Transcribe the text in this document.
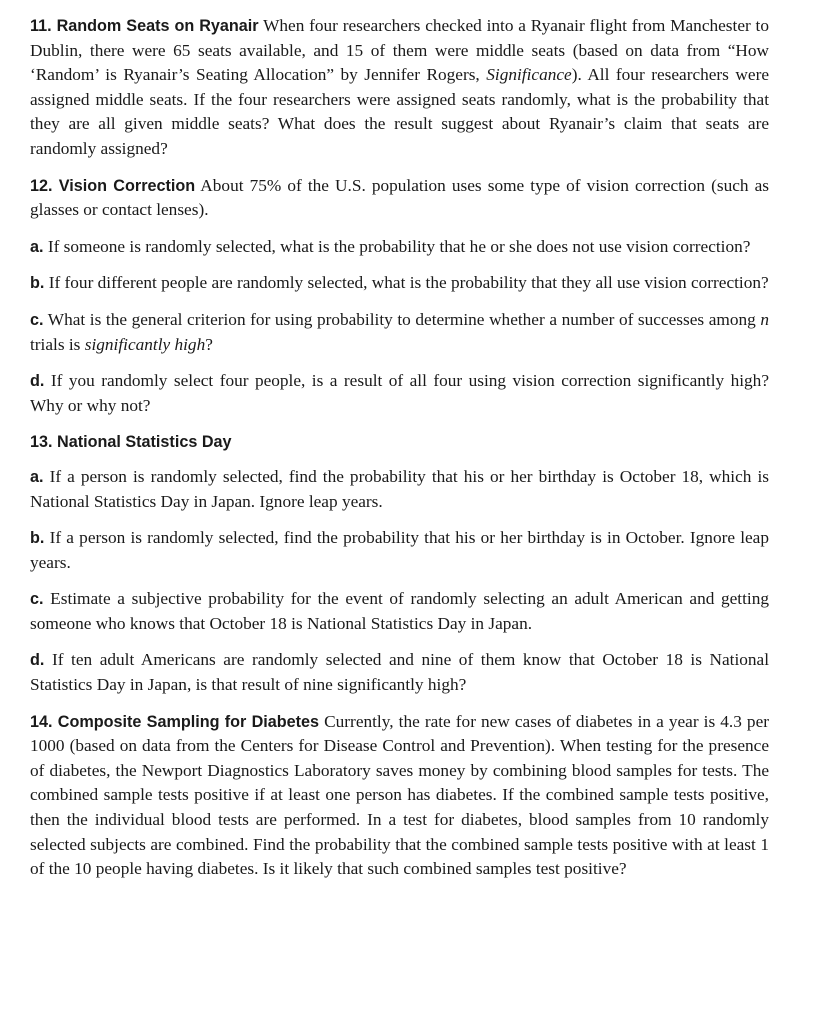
11. Random Seats on Ryanair When four researchers checked into a Ryanair flight from Manchester to Dublin, there were 65 seats available, and 15 of them were middle seats (based on data from “How ‘Random’ is Ryanair’s Seating Allocation” by Jennifer Rogers, Significance). All four researchers were assigned middle seats. If the four researchers were assigned seats randomly, what is the probability that they are all given middle seats? What does the result suggest about Ryanair’s claim that seats are randomly assigned?

12. Vision Correction About 75% of the U.S. population uses some type of vision correction (such as glasses or contact lenses).

a. If someone is randomly selected, what is the probability that he or she does not use vision correction?

b. If four different people are randomly selected, what is the probability that they all use vision correction?

c. What is the general criterion for using probability to determine whether a number of successes among n trials is significantly high?

d. If you randomly select four people, is a result of all four using vision correction significantly high? Why or why not?

13. National Statistics Day

a. If a person is randomly selected, find the probability that his or her birthday is October 18, which is National Statistics Day in Japan. Ignore leap years.

b. If a person is randomly selected, find the probability that his or her birthday is in October. Ignore leap years.

c. Estimate a subjective probability for the event of randomly selecting an adult American and getting someone who knows that October 18 is National Statistics Day in Japan.

d. If ten adult Americans are randomly selected and nine of them know that October 18 is National Statistics Day in Japan, is that result of nine significantly high?

14. Composite Sampling for Diabetes Currently, the rate for new cases of diabetes in a year is 4.3 per 1000 (based on data from the Centers for Disease Control and Prevention). When testing for the presence of diabetes, the Newport Diagnostics Laboratory saves money by combining blood samples for tests. The combined sample tests positive if at least one person has diabetes. If the combined sample tests positive, then the individual blood tests are performed. In a test for diabetes, blood samples from 10 randomly selected subjects are combined. Find the probability that the combined sample tests positive with at least 1 of the 10 people having diabetes. Is it likely that such combined samples test positive?
